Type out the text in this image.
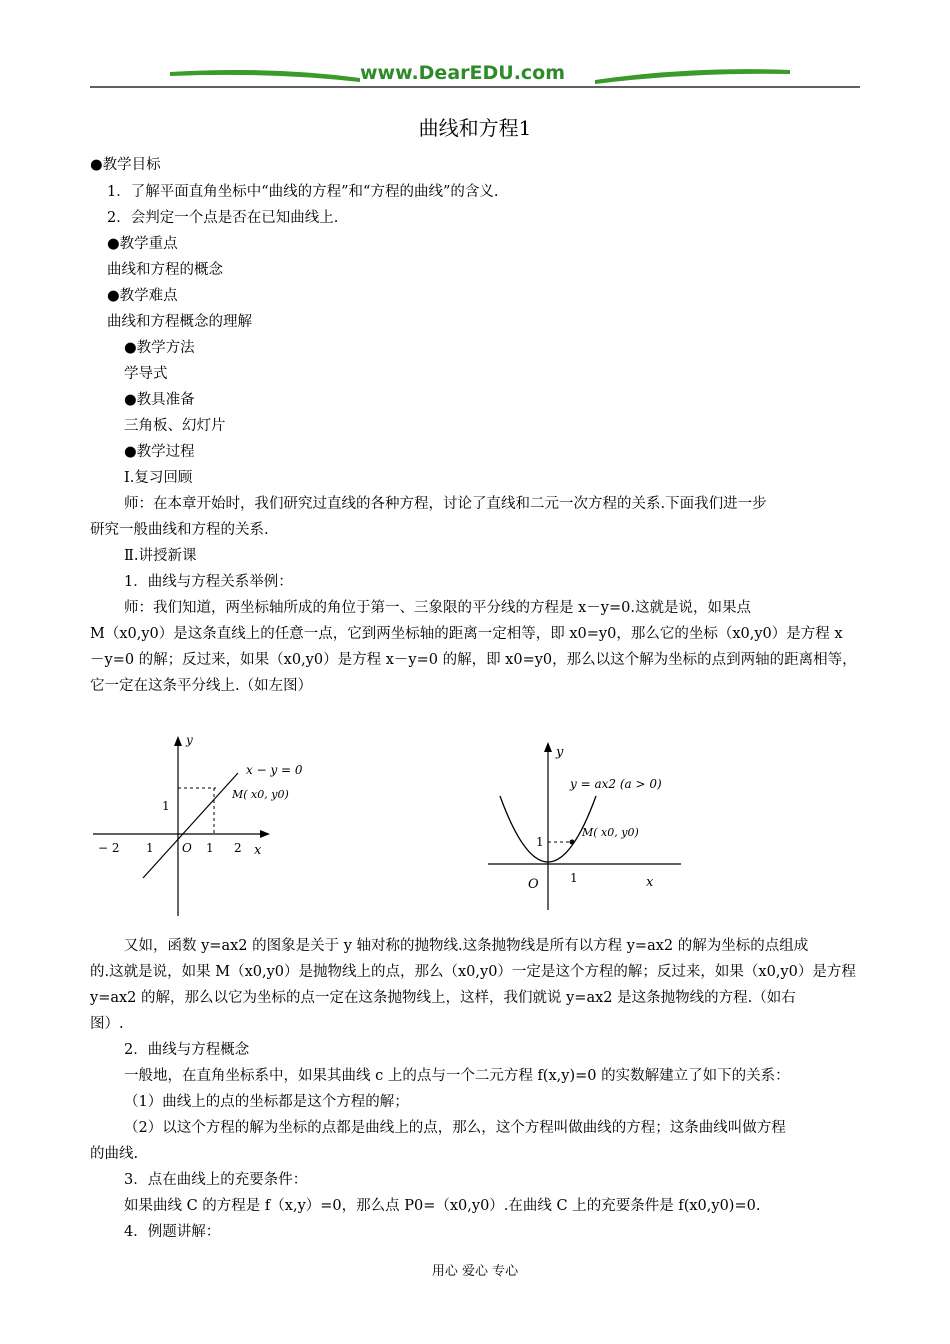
www.DearEDU.com
曲线和方程1
●教学目标
1．了解平面直角坐标中“曲线的方程”和“方程的曲线”的含义.
2．会判定一个点是否在已知曲线上.
●教学重点
曲线和方程的概念
●教学难点
曲线和方程概念的理解
●教学方法
学导式
●教具准备
三角板、幻灯片
●教学过程
Ⅰ.复习回顾
师：在本章开始时，我们研究过直线的各种方程，讨论了直线和二元一次方程的关系.下面我们进一步
研究一般曲线和方程的关系.
Ⅱ.讲授新课
1．曲线与方程关系举例：
师：我们知道，两坐标轴所成的角位于第一、三象限的平分线的方程是 x－y=0.这就是说，如果点
M（x0,y0）是这条直线上的任意一点，它到两坐标轴的距离一定相等，即 x0=y0，那么它的坐标（x0,y0）是方程 x
－y=0 的解；反过来，如果（x0,y0）是方程 x－y=0 的解，即 x0=y0，那么以这个解为坐标的点到两轴的距离相等，
它一定在这条平分线上.（如左图）
y
x
O
x − y = 0
M( x0, y0)
− 2 1	1 2
1
y
x
O
y = ax2 (a > 0)
M( x0, y0)
1
1
又如，函数 y=ax2 的图象是关于 y 轴对称的抛物线.这条抛物线是所有以方程 y=ax2 的解为坐标的点组成
的.这就是说，如果 M（x0,y0）是抛物线上的点，那么（x0,y0）一定是这个方程的解；反过来，如果（x0,y0）是方程
y=ax2 的解，那么以它为坐标的点一定在这条抛物线上，这样，我们就说 y=ax2 是这条抛物线的方程.（如右
图）.
2．曲线与方程概念
一般地，在直角坐标系中，如果其曲线 c 上的点与一个二元方程 f(x,y)=0 的实数解建立了如下的关系：
（1）曲线上的点的坐标都是这个方程的解；
（2）以这个方程的解为坐标的点都是曲线上的点，那么，这个方程叫做曲线的方程；这条曲线叫做方程
的曲线.
3．点在曲线上的充要条件：
如果曲线 C 的方程是 f（x,y）=0，那么点 P0=（x0,y0）.在曲线 C 上的充要条件是 f(x0,y0)=0.
4．例题讲解：
用心 爱心 专心
